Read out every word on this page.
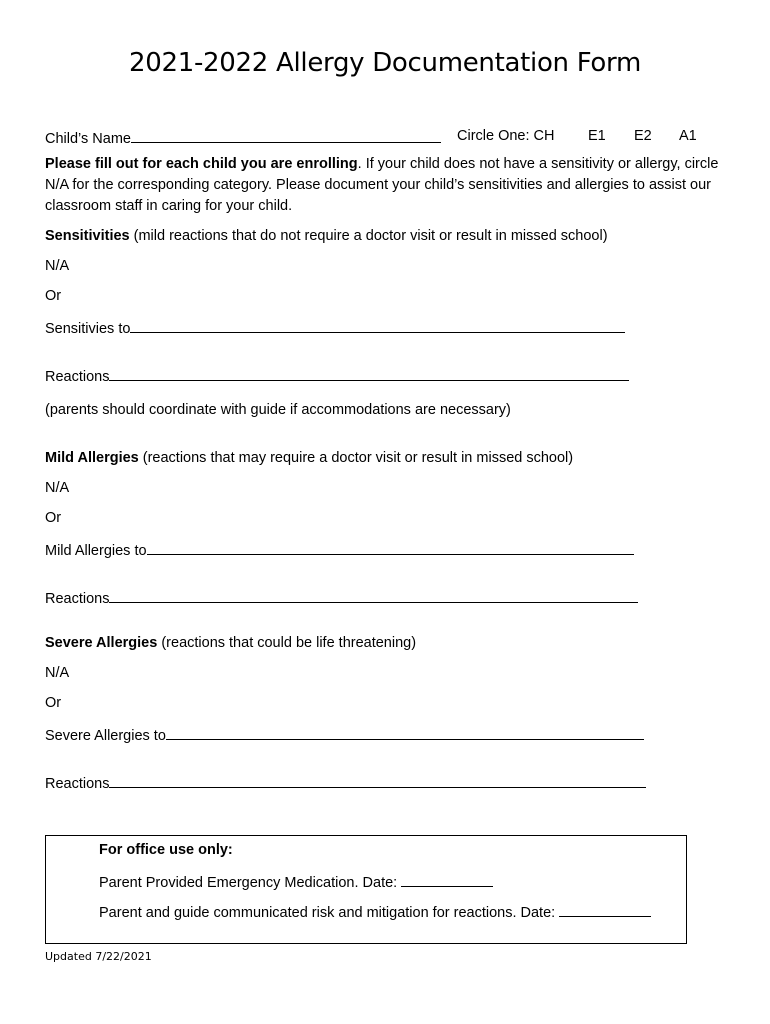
2021-2022 Allergy Documentation Form
Child’s Name	Circle One: CH E1 E2 A1
Please fill out for each child you are enrolling. If your child does not have a sensitivity or allergy, circle N/A for the corresponding category. Please document your child’s sensitivities and allergies to assist our classroom staff in caring for your child.
Sensitivities (mild reactions that do not require a doctor visit or result in missed school)
N/A
Or
Sensitivies to
Reactions
(parents should coordinate with guide if accommodations are necessary)
Mild Allergies (reactions that may require a doctor visit or result in missed school)
N/A
Or
Mild Allergies to
Reactions
Severe Allergies (reactions that could be life threatening)
N/A
Or
Severe Allergies to
Reactions
For office use only:
Parent Provided Emergency Medication. Date:
Parent and guide communicated risk and mitigation for reactions. Date:
Updated 7/22/2021
